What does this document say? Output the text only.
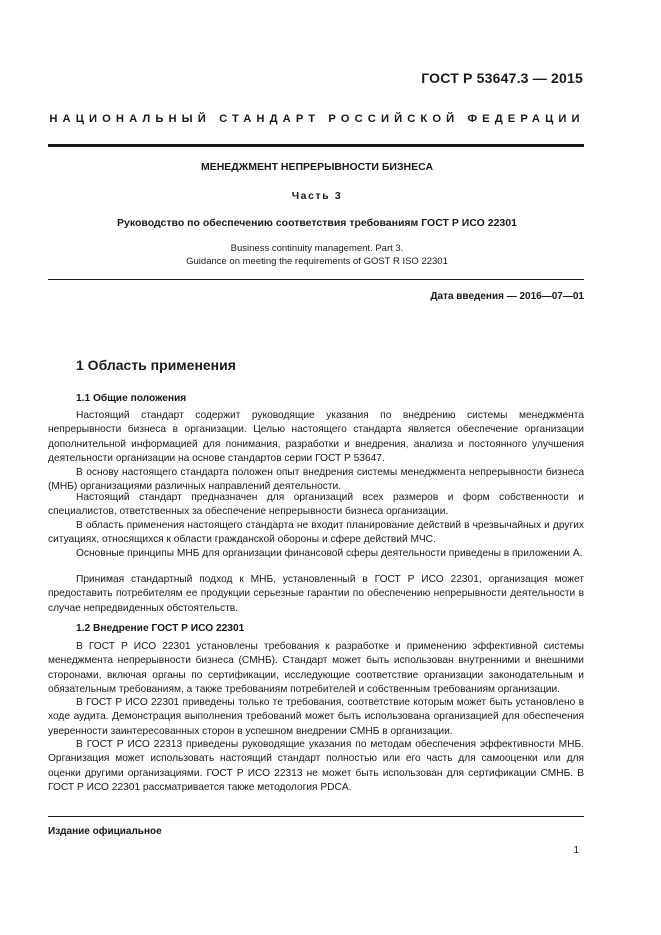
ГОСТ Р 53647.3 — 2015
НАЦИОНАЛЬНЫЙ СТАНДАРТ РОССИЙСКОЙ ФЕДЕРАЦИИ
МЕНЕДЖМЕНТ НЕПРЕРЫВНОСТИ БИЗНЕСА
Часть 3
Руководство по обеспечению соответствия требованиям ГОСТ Р ИСО 22301
Business continuity management. Part 3.
Guidance on meeting the requirements of GOST R ISO 22301
Дата введения — 2016—07—01
1 Область применения
1.1 Общие положения

Настоящий стандарт содержит руководящие указания по внедрению системы менеджмента непрерывности бизнеса в организации. Целью настоящего стандарта является обеспечение организации дополнительной информацией для понимания, разработки и внедрения, анализа и постоянного улучшения деятельности организации на основе стандартов серии ГОСТ Р 53647.

В основу настоящего стандарта положен опыт внедрения системы менеджмента непрерывности бизнеса (МНБ) организациями различных направлений деятельности.

Настоящий стандарт предназначен для организаций всех размеров и форм собственности и специалистов, ответственных за обеспечение непрерывности бизнеса организации.

В область применения настоящего стандарта не входит планирование действий в чрезвычайных и других ситуациях, относящихся к области гражданской обороны и сфере действий МЧС.

Основные принципы МНБ для организации финансовой сферы деятельности приведены в приложении А.

Принимая стандартный подход к МНБ, установленный в ГОСТ Р ИСО 22301, организация может предоставить потребителям ее продукции серьезные гарантии по обеспечению непрерывности деятельности в случае непредвиденных обстоятельств.

1.2 Внедрение ГОСТ Р ИСО 22301

В ГОСТ Р ИСО 22301 установлены требования к разработке и применению эффективной системы менеджмента непрерывности бизнеса (СМНБ). Стандарт может быть использован внутренними и внешними сторонами, включая органы по сертификации, исследующие соответствие организации законодательным и обязательным требованиям, а также требованиям потребителей и собственным требованиям организации.

В ГОСТ Р ИСО 22301 приведены только те требования, соответствие которым может быть установлено в ходе аудита. Демонстрация выполнения требований может быть использована организацией для обеспечения уверенности заинтересованных сторон в успешном внедрении СМНБ в организации.

В ГОСТ Р ИСО 22313 приведены руководящие указания по методам обеспечения эффективности МНБ. Организация может использовать настоящий стандарт полностью или его часть для самооценки или для оценки другими организациями. ГОСТ Р ИСО 22313 не может быть использован для сертификации СМНБ. В ГОСТ Р ИСО 22301 рассматривается также методология PDCA.

Издание официальное
1
